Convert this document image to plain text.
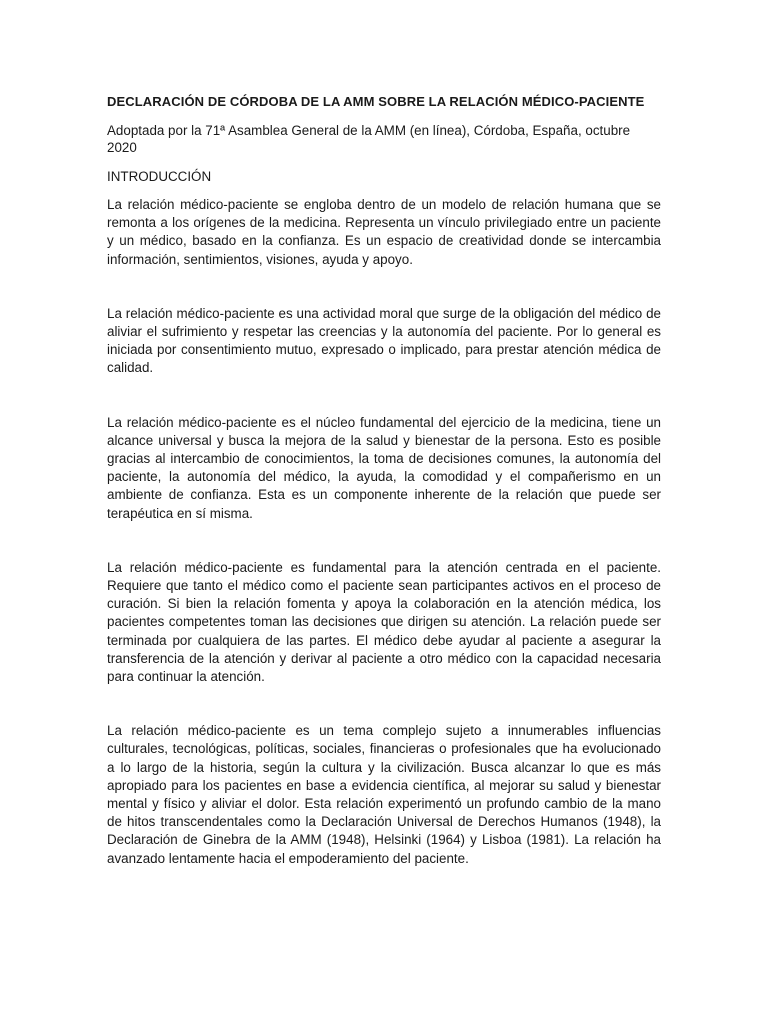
DECLARACIÓN DE CÓRDOBA DE LA AMM SOBRE LA RELACIÓN MÉDICO-PACIENTE
Adoptada por la 71ª Asamblea General de la AMM (en línea), Córdoba, España, octubre 2020
INTRODUCCIÓN

La relación médico-paciente se engloba dentro de un modelo de relación humana que se remonta a los orígenes de la medicina. Representa un vínculo privilegiado entre un paciente y un médico, basado en la confianza. Es un espacio de creatividad donde se intercambia información, sentimientos, visiones, ayuda y apoyo.

La relación médico-paciente es una actividad moral que surge de la obligación del médico de aliviar el sufrimiento y respetar las creencias y la autonomía del paciente. Por lo general es iniciada por consentimiento mutuo, expresado o implicado, para prestar atención médica de calidad.

La relación médico-paciente es el núcleo fundamental del ejercicio de la medicina, tiene un alcance universal y busca la mejora de la salud y bienestar de la persona. Esto es posible gracias al intercambio de conocimientos, la toma de decisiones comunes, la autonomía del paciente, la autonomía del médico, la ayuda, la comodidad y el compañerismo en un ambiente de confianza. Esta es un componente inherente de la relación que puede ser terapéutica en sí misma.

La relación médico-paciente es fundamental para la atención centrada en el paciente. Requiere que tanto el médico como el paciente sean participantes activos en el proceso de curación. Si bien la relación fomenta y apoya la colaboración en la atención médica, los pacientes competentes toman las decisiones que dirigen su atención. La relación puede ser terminada por cualquiera de las partes. El médico debe ayudar al paciente a asegurar la transferencia de la atención y derivar al paciente a otro médico con la capacidad necesaria para continuar la atención.

La relación médico-paciente es un tema complejo sujeto a innumerables influencias culturales, tecnológicas, políticas, sociales, financieras o profesionales que ha evolucionado a lo largo de la historia, según la cultura y la civilización. Busca alcanzar lo que es más apropiado para los pacientes en base a evidencia científica, al mejorar su salud y bienestar mental y físico y aliviar el dolor. Esta relación experimentó un profundo cambio de la mano de hitos transcendentales como la Declaración Universal de Derechos Humanos (1948), la Declaración de Ginebra de la AMM (1948), Helsinki (1964) y Lisboa (1981). La relación ha avanzado lentamente hacia el empoderamiento del paciente.
